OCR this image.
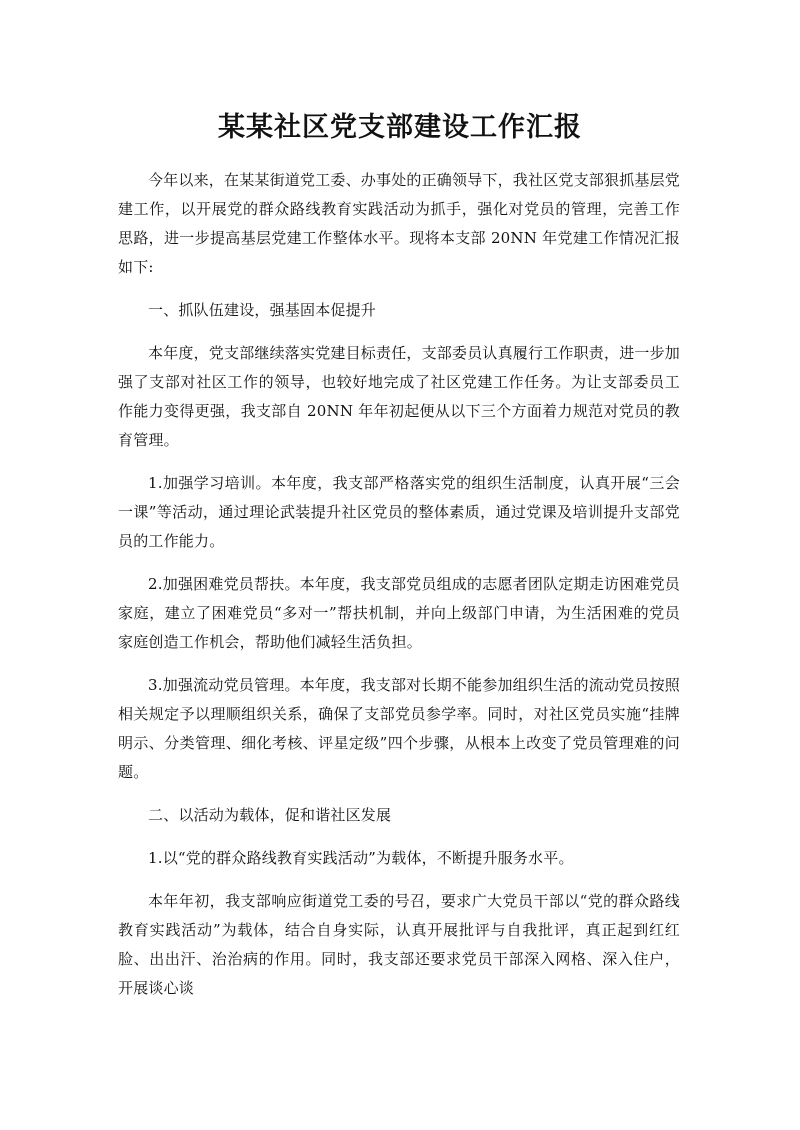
某某社区党支部建设工作汇报

今年以来，在某某街道党工委、办事处的正确领导下，我社区党支部狠抓基层党建工作，以开展党的群众路线教育实践活动为抓手，强化对党员的管理，完善工作思路，进一步提高基层党建工作整体水平。现将本支部 20NN 年党建工作情况汇报如下:

一、抓队伍建设，强基固本促提升

本年度，党支部继续落实党建目标责任，支部委员认真履行工作职责，进一步加强了支部对社区工作的领导，也较好地完成了社区党建工作任务。为让支部委员工作能力变得更强，我支部自 20NN 年年初起便从以下三个方面着力规范对党员的教育管理。

1.加强学习培训。本年度，我支部严格落实党的组织生活制度，认真开展“三会一课”等活动，通过理论武装提升社区党员的整体素质，通过党课及培训提升支部党员的工作能力。

2.加强困难党员帮扶。本年度，我支部党员组成的志愿者团队定期走访困难党员家庭，建立了困难党员“多对一”帮扶机制，并向上级部门申请，为生活困难的党员家庭创造工作机会，帮助他们减轻生活负担。

3.加强流动党员管理。本年度，我支部对长期不能参加组织生活的流动党员按照相关规定予以理顺组织关系，确保了支部党员参学率。同时，对社区党员实施“挂牌明示、分类管理、细化考核、评星定级”四个步骤，从根本上改变了党员管理难的问题。

二、以活动为载体，促和谐社区发展

1.以“党的群众路线教育实践活动”为载体，不断提升服务水平。

本年年初，我支部响应街道党工委的号召，要求广大党员干部以“党的群众路线教育实践活动”为载体，结合自身实际，认真开展批评与自我批评，真正起到红红脸、出出汗、治治病的作用。同时，我支部还要求党员干部深入网格、深入住户，开展谈心谈
